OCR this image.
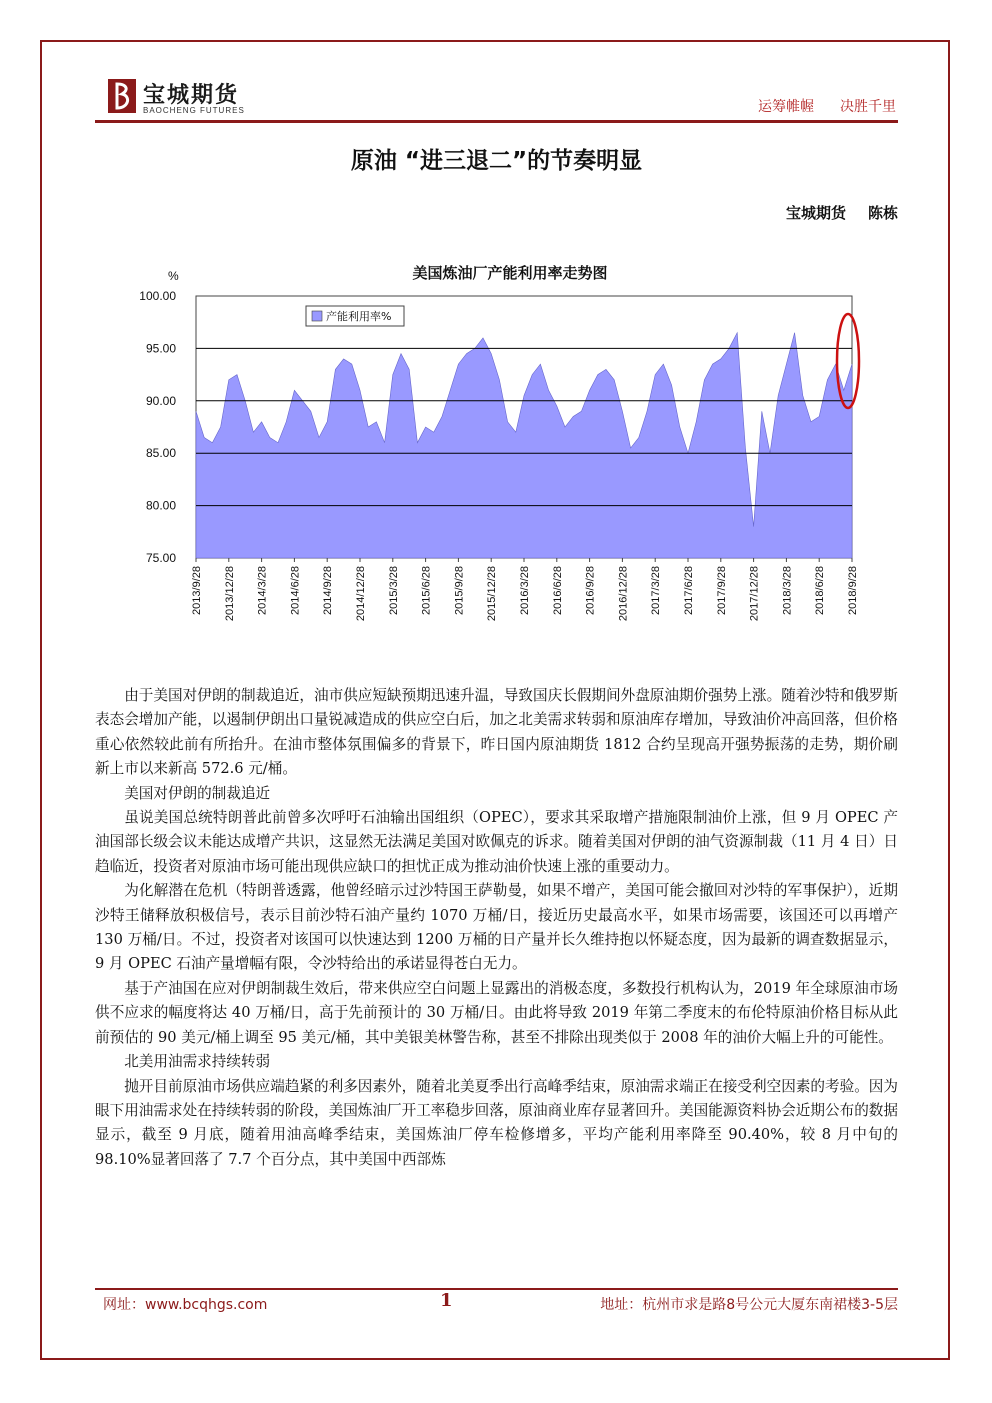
宝城期货
BAOCHENG FUTURES	运筹帷幄 决胜千里
原油 “进三退二”的节奏明显
宝城期货 陈栋
美国炼油厂产能利用率走势图
100.00
95.00
90.00
85.00
80.00
75.00
%
2013/9/28 2013/12/28 2014/3/28 2014/6/28 2014/9/28 2014/12/28 2015/3/28 2015/6/28 2015/9/28 2015/12/28 2016/3/28 2016/6/28 2016/9/28 2016/12/28 2017/3/28 2017/6/28 2017/9/28 2017/12/28 2018/3/28 2018/6/28 2018/9/28
产能利用率%

由于美国对伊朗的制裁追近，油市供应短缺预期迅速升温，导致国庆长假期间外盘原油期价强势上涨。随着沙特和俄罗斯表态会增加产能，以遏制伊朗出口量锐减造成的供应空白后，加之北美需求转弱和原油库存增加，导致油价冲高回落，但价格重心依然较此前有所抬升。在油市整体氛围偏多的背景下，昨日国内原油期货 1812 合约呈现高开强势振荡的走势，期价刷新上市以来新高 572.6 元/桶。

美国对伊朗的制裁追近

虽说美国总统特朗普此前曾多次呼吁石油输出国组织（OPEC），要求其采取增产措施限制油价上涨，但 9 月 OPEC 产油国部长级会议未能达成增产共识，这显然无法满足美国对欧佩克的诉求。随着美国对伊朗的油气资源制裁（11 月 4 日）日趋临近，投资者对原油市场可能出现供应缺口的担忧正成为推动油价快速上涨的重要动力。

为化解潜在危机（特朗普透露，他曾经暗示过沙特国王萨勒曼，如果不增产，美国可能会撤回对沙特的军事保护），近期沙特王储释放积极信号，表示目前沙特石油产量约 1070 万桶/日，接近历史最高水平，如果市场需要，该国还可以再增产 130 万桶/日。不过，投资者对该国可以快速达到 1200 万桶的日产量并长久维持抱以怀疑态度，因为最新的调查数据显示，9 月 OPEC 石油产量增幅有限，令沙特给出的承诺显得苍白无力。

基于产油国在应对伊朗制裁生效后，带来供应空白问题上显露出的消极态度，多数投行机构认为，2019 年全球原油市场供不应求的幅度将达 40 万桶/日，高于先前预计的 30 万桶/日。由此将导致 2019 年第二季度末的布伦特原油价格目标从此前预估的 90 美元/桶上调至 95 美元/桶，其中美银美林警告称，甚至不排除出现类似于 2008 年的油价大幅上升的可能性。

北美用油需求持续转弱

抛开目前原油市场供应端趋紧的利多因素外，随着北美夏季出行高峰季结束，原油需求端正在接受利空因素的考验。因为眼下用油需求处在持续转弱的阶段，美国炼油厂开工率稳步回落，原油商业库存显著回升。美国能源资料协会近期公布的数据显示，截至 9 月底，随着用油高峰季结束，美国炼油厂停车检修增多，平均产能利用率降至 90.40%，较 8 月中旬的 98.10%显著回落了 7.7 个百分点，其中美国中西部炼

网址：www.bcqhgs.com	1	地址：杭州市求是路8号公元大厦东南裙楼3-5层
